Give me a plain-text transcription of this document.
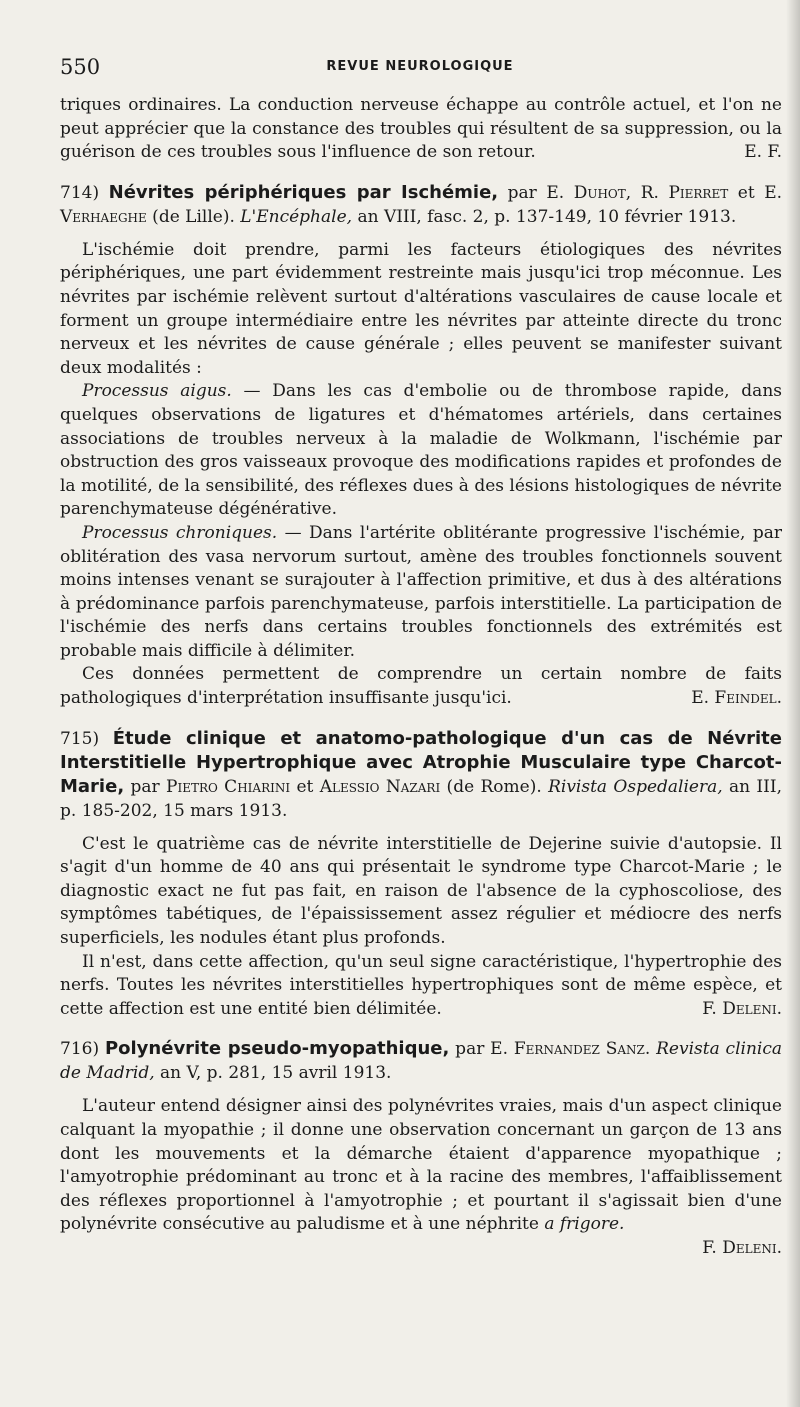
550	REVUE NEUROLOGIQUE

triques ordinaires. La conduction nerveuse échappe au contrôle actuel, et l'on ne peut apprécier que la constance des troubles qui résultent de sa suppression, ou la guérison de ces troubles sous l'influence de son retour.	E. F.

714) Névrites périphériques par Ischémie, par E. Duhot, R. Pierret et E. Verhaeghe (de Lille). L'Encéphale, an VIII, fasc. 2, p. 137-149, 10 février 1913.

L'ischémie doit prendre, parmi les facteurs étiologiques des névrites périphériques, une part évidemment restreinte mais jusqu'ici trop méconnue. Les névrites par ischémie relèvent surtout d'altérations vasculaires de cause locale et forment un groupe intermédiaire entre les névrites par atteinte directe du tronc nerveux et les névrites de cause générale ; elles peuvent se manifester suivant deux modalités :

Processus aigus. — Dans les cas d'embolie ou de thrombose rapide, dans quelques observations de ligatures et d'hématomes artériels, dans certaines associations de troubles nerveux à la maladie de Wolkmann, l'ischémie par obstruction des gros vaisseaux provoque des modifications rapides et profondes de la motilité, de la sensibilité, des réflexes dues à des lésions histologiques de névrite parenchymateuse dégénérative.

Processus chroniques. — Dans l'artérite oblitérante progressive l'ischémie, par oblitération des vasa nervorum surtout, amène des troubles fonctionnels souvent moins intenses venant se surajouter à l'affection primitive, et dus à des altérations à prédominance parfois parenchymateuse, parfois interstitielle. La participation de l'ischémie des nerfs dans certains troubles fonctionnels des extrémités est probable mais difficile à délimiter.

Ces données permettent de comprendre un certain nombre de faits pathologiques d'interprétation insuffisante jusqu'ici.	E. Feindel.

715) Étude clinique et anatomo-pathologique d'un cas de Névrite Interstitielle Hypertrophique avec Atrophie Musculaire type Charcot-Marie, par Pietro Chiarini et Alessio Nazari (de Rome). Rivista Ospedaliera, an III, p. 185-202, 15 mars 1913.

C'est le quatrième cas de névrite interstitielle de Dejerine suivie d'autopsie. Il s'agit d'un homme de 40 ans qui présentait le syndrome type Charcot-Marie ; le diagnostic exact ne fut pas fait, en raison de l'absence de la cyphoscoliose, des symptômes tabétiques, de l'épaississement assez régulier et médiocre des nerfs superficiels, les nodules étant plus profonds.

Il n'est, dans cette affection, qu'un seul signe caractéristique, l'hypertrophie des nerfs. Toutes les névrites interstitielles hypertrophiques sont de même espèce, et cette affection est une entité bien délimitée.	F. Deleni.

716) Polynévrite pseudo-myopathique, par E. Fernandez Sanz. Revista clinica de Madrid, an V, p. 281, 15 avril 1913.

L'auteur entend désigner ainsi des polynévrites vraies, mais d'un aspect clinique calquant la myopathie ; il donne une observation concernant un garçon de 13 ans dont les mouvements et la démarche étaient d'apparence myopathique ; l'amyotrophie prédominant au tronc et à la racine des membres, l'affaiblissement des réflexes proportionnel à l'amyotrophie ; et pourtant il s'agissait bien d'une polynévrite consécutive au paludisme et à une néphrite a frigore.

F. Deleni.
